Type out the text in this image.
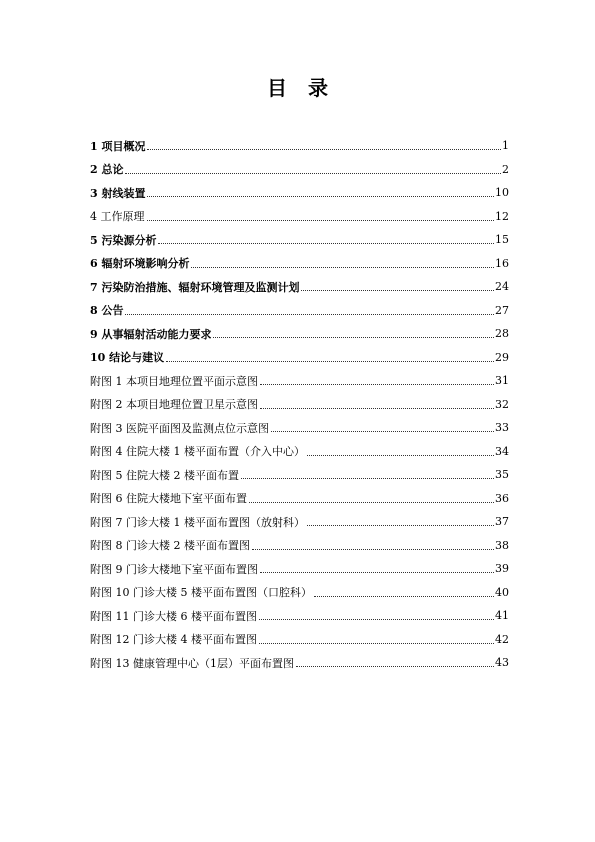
目 录
1 项目概况	1
2 总论	2
3 射线装置	10
4 工作原理	12
5 污染源分析	15
6 辐射环境影响分析	16
7 污染防治措施、辐射环境管理及监测计划	24
8 公告	27
9 从事辐射活动能力要求	28
10 结论与建议	29
附图 1 本项目地理位置平面示意图	31
附图 2 本项目地理位置卫星示意图	32
附图 3 医院平面图及监测点位示意图	33
附图 4 住院大楼 1 楼平面布置（介入中心）	34
附图 5 住院大楼 2 楼平面布置	35
附图 6 住院大楼地下室平面布置	36
附图 7 门诊大楼 1 楼平面布置图（放射科）	37
附图 8 门诊大楼 2 楼平面布置图	38
附图 9 门诊大楼地下室平面布置图	39
附图 10 门诊大楼 5 楼平面布置图（口腔科）	40
附图 11 门诊大楼 6 楼平面布置图	41
附图 12 门诊大楼 4 楼平面布置图	42
附图 13 健康管理中心（1层）平面布置图	43
